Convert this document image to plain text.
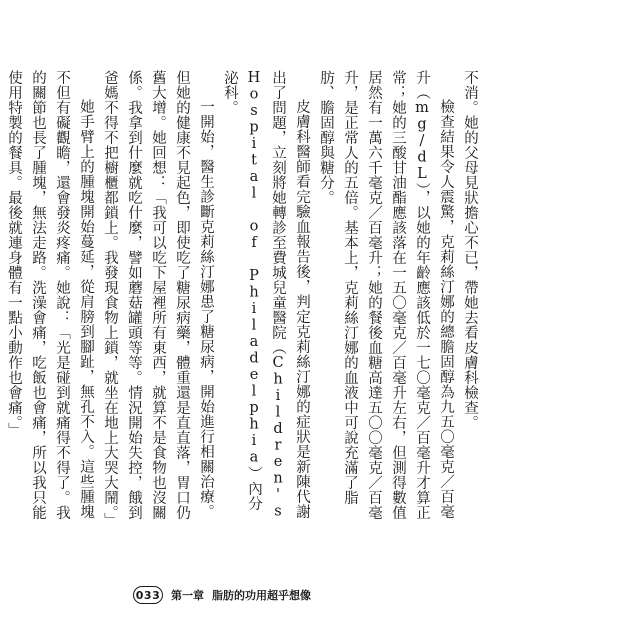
不消。她的父母見狀擔心不已，帶她去看皮膚科檢查。

檢查結果令人震驚，克莉絲汀娜的總膽固醇為九五〇毫克／百毫升（mg/dL），以她的年齡應該低於一七〇毫克／百毫升才算正常；她的三酸甘油酯應該落在一五〇毫克／百毫升左右，但測得數值居然有一萬六千毫克／百毫升；她的餐後血糖高達五〇〇毫克／百毫升，是正常人的五倍。基本上，克莉絲汀娜的血液中可說充滿了脂肪、膽固醇與糖分。

皮膚科醫師看完驗血報告後，判定克莉絲汀娜的症狀是新陳代謝出了問題，立刻將她轉診至費城兒童醫院（Children's Hospital of Philadelphia）內分泌科。

一開始，醫生診斷克莉絲汀娜患了糖尿病，開始進行相關治療。但她的健康不見起色，即使吃了糖尿病藥，體重還是直直落，胃口仍舊大增。她回想：「我可以吃下屋裡所有東西，就算不是食物也沒關係。我拿到什麼就吃什麼，譬如蘑菇罐頭等等。情況開始失控，餓到爸媽不得不把櫥櫃都鎖上。我發現食物上鎖，就坐在地上大哭大鬧。」

她手臂上的腫塊開始蔓延，從肩膀到腳趾，無孔不入。這些腫塊不但有礙觀瞻，還會發炎疼痛。她說：「光是碰到就痛得不得了。我的關節也長了腫塊，無法走路。洗澡會痛，吃飯也會痛，所以我只能使用特製的餐具。最後就連身體有一點小動作也會痛。」

033 第一章 脂肪的功用超乎想像
